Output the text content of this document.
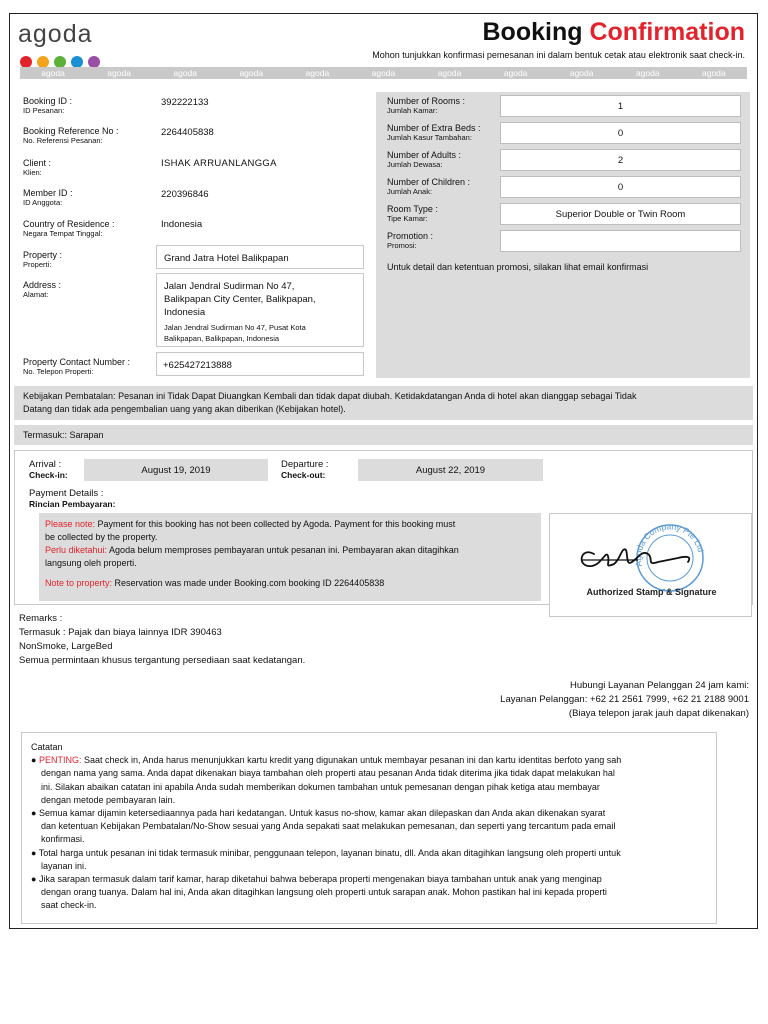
agoda	Booking Confirmation
Mohon tunjukkan konfirmasi pemesanan ini dalam bentuk cetak atau elektronik saat check-in.
agoda	agoda	agoda	agoda	agoda	agoda	agoda	agoda	agoda	agoda	agoda
Booking ID :
ID Pesanan:
392222133
Booking Reference No :
No. Referensi Pesanan:
2264405838
Client :
Klien:
ISHAK ARRUANLANGGA
Member ID :
ID Anggota:
220396846
Country of Residence :
Negara Tempat Tinggal:
Indonesia
Property :
Properti:
Grand Jatra Hotel Balikpapan
Address :
Alamat:
Jalan Jendral Sudirman No 47,
Balikpapan City Center, Balikpapan,
Indonesia
Jalan Jendral Sudirman No 47, Pusat Kota
Balikpapan, Balikpapan, Indonesia
Property Contact Number :
No. Telepon Properti:
+625427213888
Number of Rooms :
Jumlah Kamar:	1
Number of Extra Beds :
Jumlah Kasur Tambahan:	0
Number of Adults :
Jumlah Dewasa:	2
Number of Children :
Jumlah Anak:	0
Room Type :
Tipe Kamar:	Superior Double or Twin Room
Promotion :
Promosi:
Untuk detail dan ketentuan promosi, silakan lihat email konfirmasi
Kebijakan Pembatalan: Pesanan ini Tidak Dapat Diuangkan Kembali dan tidak dapat diubah. Ketidakdatangan Anda di hotel akan dianggap sebagai Tidak
Datang dan tidak ada pengembalian uang yang akan diberikan (Kebijakan hotel).
Termasuk:: Sarapan
Arrival :
Check-in:	August 19, 2019	Departure :
Check-out:	August 22, 2019
Payment Details :
Rincian Pembayaran:
Please note: Payment for this booking has not been collected by Agoda. Payment for this booking must
be collected by the property.
Perlu diketahui: Agoda belum memproses pembayaran untuk pesanan ini. Pembayaran akan ditagihkan
langsung oleh properti.
Note to property: Reservation was made under Booking.com booking ID 2264405838
Agoda Company Pte Ltd
Authorized Stamp & Signature
Remarks :
Termasuk : Pajak dan biaya lainnya IDR 390463
NonSmoke, LargeBed
Semua permintaan khusus tergantung persediaan saat kedatangan.
Hubungi Layanan Pelanggan 24 jam kami:
Layanan Pelanggan: +62 21 2561 7999, +62 21 2188 9001
(Biaya telepon jarak jauh dapat dikenakan)
Catatan
● PENTING: Saat check in, Anda harus menunjukkan kartu kredit yang digunakan untuk membayar pesanan ini dan kartu identitas berfoto yang sah
dengan nama yang sama. Anda dapat dikenakan biaya tambahan oleh properti atau pesanan Anda tidak diterima jika tidak dapat melakukan hal
ini. Silakan abaikan catatan ini apabila Anda sudah memberikan dokumen tambahan untuk pemesanan dengan pihak ketiga atau membayar
dengan metode pembayaran lain.
● Semua kamar dijamin ketersediaannya pada hari kedatangan. Untuk kasus no-show, kamar akan dilepaskan dan Anda akan dikenakan syarat
dan ketentuan Kebijakan Pembatalan/No-Show sesuai yang Anda sepakati saat melakukan pemesanan, dan seperti yang tercantum pada email
konfirmasi.
● Total harga untuk pesanan ini tidak termasuk minibar, penggunaan telepon, layanan binatu, dll. Anda akan ditagihkan langsung oleh properti untuk
layanan ini.
● Jika sarapan termasuk dalam tarif kamar, harap diketahui bahwa beberapa properti mengenakan biaya tambahan untuk anak yang menginap
dengan orang tuanya. Dalam hal ini, Anda akan ditagihkan langsung oleh properti untuk sarapan anak. Mohon pastikan hal ini kepada properti
saat check-in.
